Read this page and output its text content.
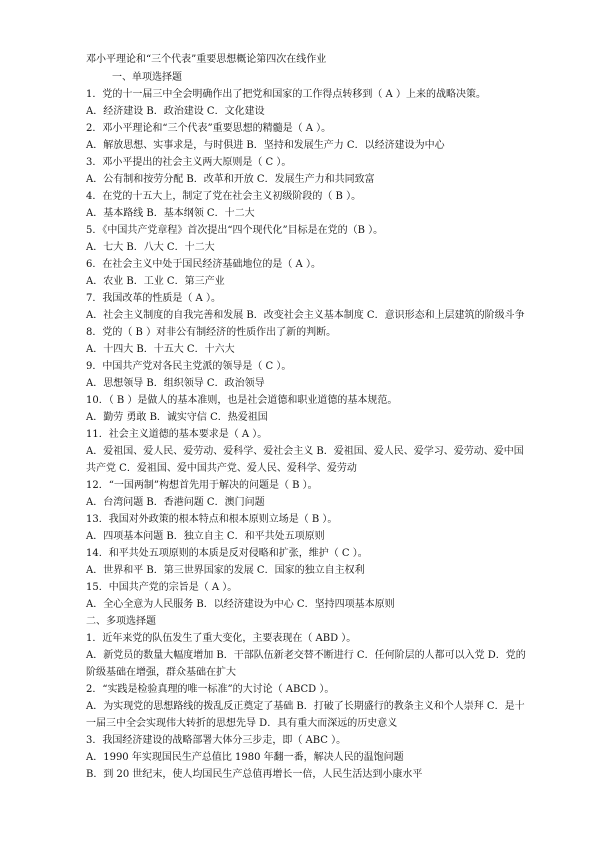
邓小平理论和“三个代表”重要思想概论第四次在线作业
一、单项选择题
1．党的十一届三中全会明确作出了把党和国家的工作得点转移到（ A ）上来的战略决策。
A．经济建设 B．政治建设 C．文化建设
2．邓小平理论和“三个代表”重要思想的精髓是（ A ）。
A．解放思想、实事求是，与时俱进 B．坚持和发展生产力 C．以经济建设为中心
3．邓小平提出的社会主义两大原则是（ C ）。
A．公有制和按劳分配 B．改革和开放 C．发展生产力和共同致富
4．在党的十五大上，制定了党在社会主义初级阶段的（ B ）。
A．基本路线 B．基本纲领 C．十二大
5．《中国共产党章程》首次提出“四个现代化”目标是在党的（B ）。
A．七大 B．八大 C．十二大
6．在社会主义中处于国民经济基础地位的是（ A ）。
A．农业 B．工业 C．第三产业
7．我国改革的性质是（ A ）。
A．社会主义制度的自我完善和发展 B．改变社会主义基本制度 C．意识形态和上层建筑的阶级斗争
8．党的（ B ）对非公有制经济的性质作出了新的判断。
A．十四大 B．十五大 C．十六大
9．中国共产党对各民主党派的领导是（ C ）。
A．思想领导 B．组织领导 C．政治领导
10．（ B ）是做人的基本准则，也是社会道德和职业道德的基本规范。
A．勤劳 勇敢 B．诚实守信 C．热爱祖国
11．社会主义道德的基本要求是（ A ）。
A．爱祖国、爱人民、爱劳动、爱科学、爱社会主义 B．爱祖国、爱人民、爱学习、爱劳动、爱中国共产党 C．爱祖国、爱中国共产党、爱人民、爱科学、爱劳动
12．“一国两制”构想首先用于解决的问题是（ B ）。
A．台湾问题 B．香港问题 C．澳门问题
13．我国对外政策的根本特点和根本原则立场是（ B ）。
A．四项基本问题 B．独立自主 C．和平共处五项原则
14．和平共处五项原则的本质是反对侵略和扩张，维护（ C ）。
A．世界和平 B．第三世界国家的发展 C．国家的独立自主权利
15．中国共产党的宗旨是（ A ）。
A．全心全意为人民服务 B．以经济建设为中心 C．坚持四项基本原则
二、多项选择题
1．近年来党的队伍发生了重大变化，主要表现在（ ABD ）。
A．新党员的数量大幅度增加 B．干部队伍新老交替不断进行 C．任何阶层的人都可以入党 D．党的阶级基础在增强，群众基础在扩大
2．“实践是检验真理的唯一标准”的大讨论（ ABCD ）。
A．为实现党的思想路线的拨乱反正奠定了基础 B．打破了长期盛行的教条主义和个人崇拜 C．是十一届三中全会实现伟大转折的思想先导 D．具有重大而深远的历史意义
3．我国经济建设的战略部署大体分三步走，即（ ABC ）。
A．1990 年实现国民生产总值比 1980 年翻一番，解决人民的温饱问题
B．到 20 世纪末，使人均国民生产总值再增长一倍，人民生活达到小康水平
